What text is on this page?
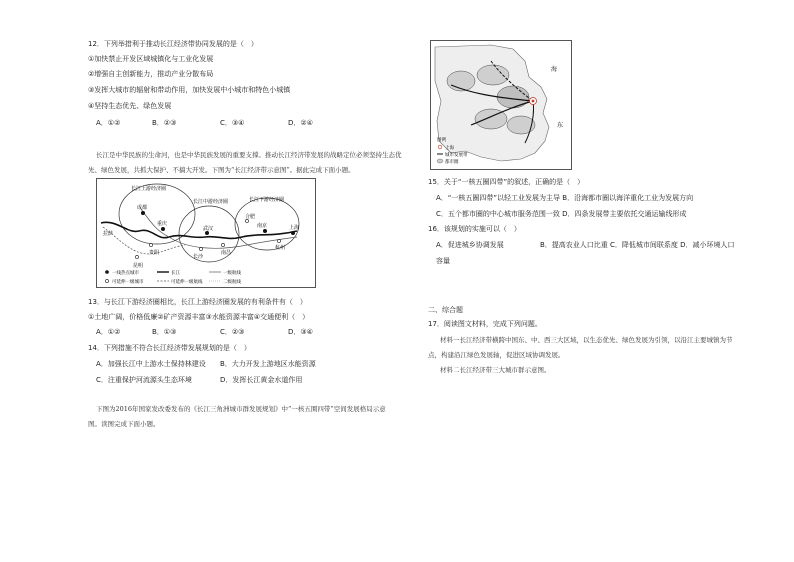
12．下列举措利于推动长江经济带协同发展的是（　）
①加快禁止开发区域城镇化与工业化发展
②增强自主创新能力，推动产业分散布局
③发挥大城市的辐射和带动作用，加快发展中小城市和特色小城镇
④坚持生态优先、绿色发展
A．①②	B．②③	C．③④	D．②④
长江是中华民族的生命河，也是中华民族发展的重要支撑。推动长江经济带发展的战略定位必须坚持生态优
先、绿色发展，共抓大保护、不搞大开发。下图为“长江经济带示意图”。据此完成下面小题。
长江上游经济圈
长江中游经济圈	长江下游经济圈
成都
重庆
贵阳
昆明
拉萨
武汉
长沙
南昌
合肥
南京	上海
杭州
一线热点城市	长江	一级航线
可延伸一级航线
可延伸一级城市	二级航线
13．与长江下游经济圈相比，长江上游经济圈发展的有利条件有（　）
①土地广阔，价格低廉②矿产资源丰富③水能资源丰富④交通便利（　）
A．①②	B．①③	C．②③	D．③④
14．下列措施不符合长江经济带发展规划的是（　）
A．加强长江中上游水土保持林建设 B．大力开发上游地区水能资源
C．注重保护河流源头生态环境	D．发挥长江黄金水道作用
下图为2016年国家发改委发布的《长江三角洲城市群发展规划》中“一核五圈四带”空间发展格局示意
图。读图完成下面小题。
海
东
图例
上海
城市发展带
都市圈
15．关于“一核五圈四带”的叙述，正确的是（　）
A．“一核五圈四带”以轻工业发展为主导 B．沿海都市圈以海洋重化工业为发展方向
C．五个都市圈的中心城市服务范围一致 D．四条发展带主要依托交通运输线形成
16．该规划的实施可以（　）
A．促进城乡协调发展	B．提高农业人口比重 C．降低城市间联系度 D．减小环境人口
容量
二、综合题
17．阅读图文材料，完成下列问题。
材料一长江经济带横跨中国东、中、西三大区域，以生态优先、绿色发展为引领，以沿江主要城镇为节
点，构建沿江绿色发展轴，促进区域协调发展。
材料二长江经济带三大城市群示意图。
